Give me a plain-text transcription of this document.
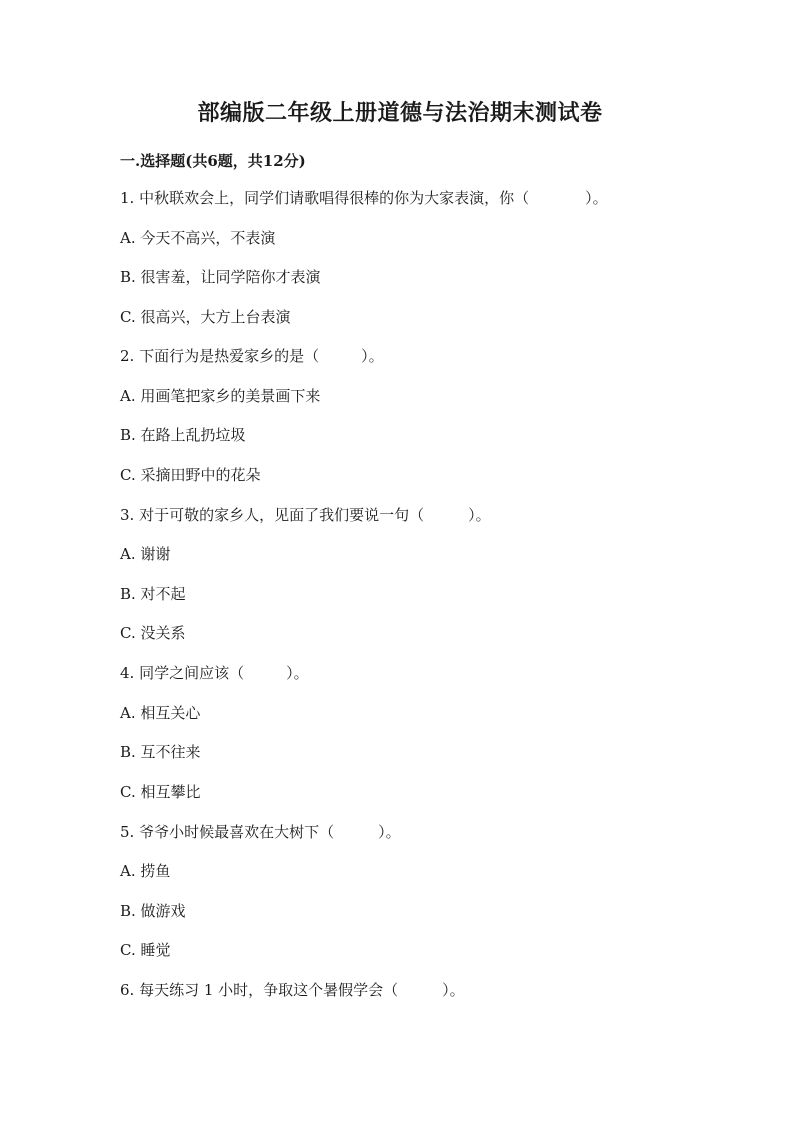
部编版二年级上册道德与法治期末测试卷
一.选择题(共6题，共12分)
1. 中秋联欢会上，同学们请歌唱得很棒的你为大家表演，你（	）。
A. 今天不高兴，不表演
B. 很害羞，让同学陪你才表演
C. 很高兴，大方上台表演
2. 下面行为是热爱家乡的是（	）。
A. 用画笔把家乡的美景画下来
B. 在路上乱扔垃圾
C. 采摘田野中的花朵
3. 对于可敬的家乡人，见面了我们要说一句（	）。
A. 谢谢
B. 对不起
C. 没关系
4. 同学之间应该（	）。
A. 相互关心
B. 互不往来
C. 相互攀比
5. 爷爷小时候最喜欢在大树下（	）。
A. 捞鱼
B. 做游戏
C. 睡觉
6. 每天练习 1 小时，争取这个暑假学会（	）。
